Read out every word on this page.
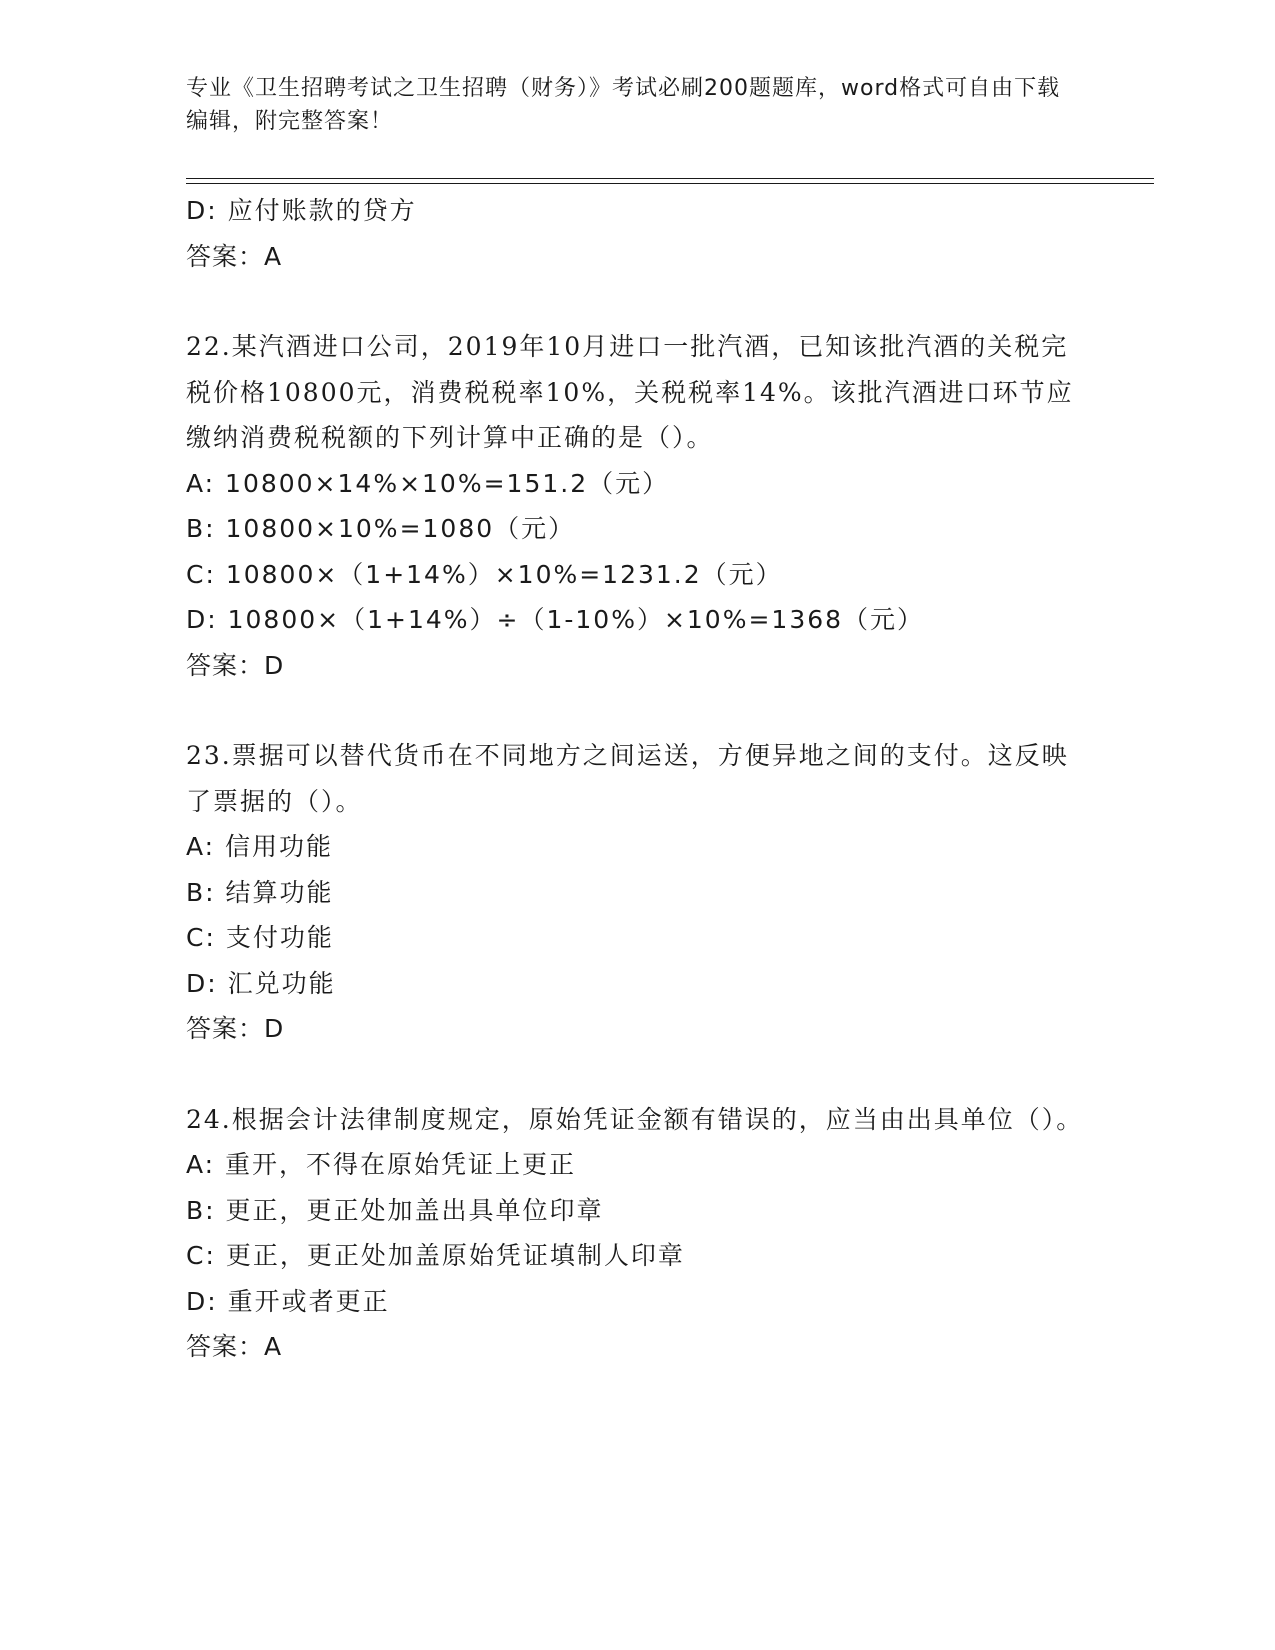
专业《卫生招聘考试之卫生招聘（财务）》考试必刷200题题库，word格式可自由下载编辑，附完整答案！
D: 应付账款的贷方
答案：A
22.某汽酒进口公司，2019年10月进口一批汽酒，已知该批汽酒的关税完税价格10800元，消费税税率10%，关税税率14%。该批汽酒进口环节应缴纳消费税税额的下列计算中正确的是（）。
A: 10800×14%×10%=151.2（元）
B: 10800×10%=1080（元）
C: 10800×（1+14%）×10%=1231.2（元）
D: 10800×（1+14%）÷（1-10%）×10%=1368（元）
答案：D
23.票据可以替代货币在不同地方之间运送，方便异地之间的支付。这反映了票据的（）。
A: 信用功能
B: 结算功能
C: 支付功能
D: 汇兑功能
答案：D
24.根据会计法律制度规定，原始凭证金额有错误的，应当由出具单位（）。
A: 重开，不得在原始凭证上更正
B: 更正，更正处加盖出具单位印章
C: 更正，更正处加盖原始凭证填制人印章
D: 重开或者更正
答案：A
